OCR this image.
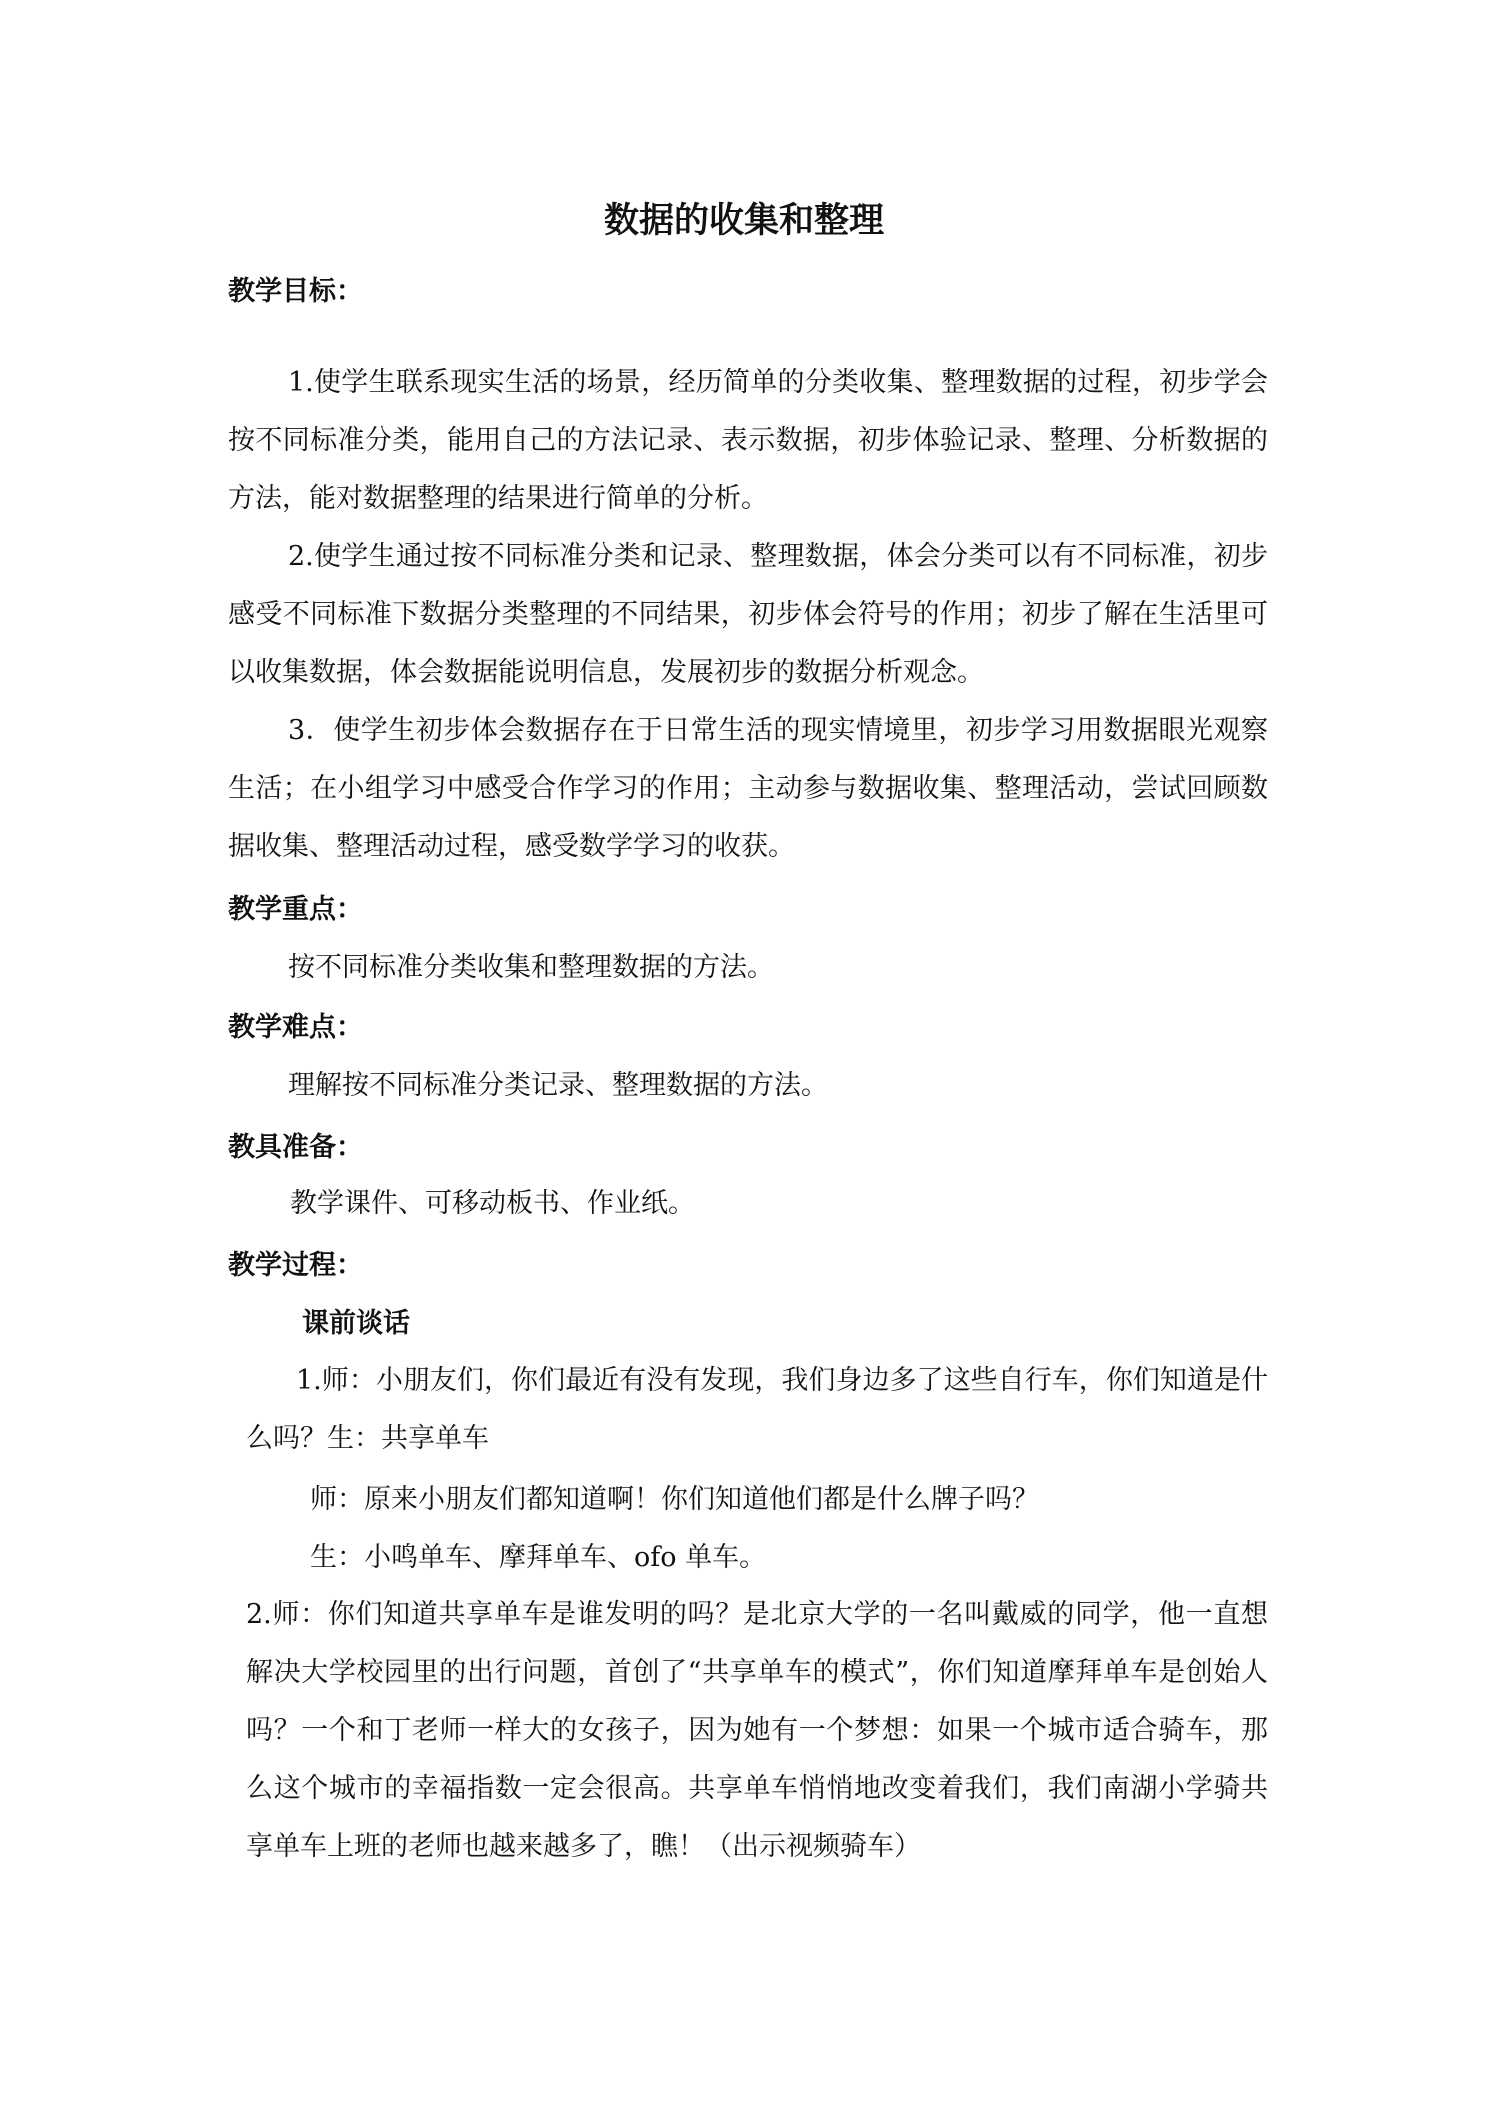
数据的收集和整理
教学目标：

1.使学生联系现实生活的场景，经历简单的分类收集、整理数据的过程，初步学会按不同标准分类，能用自己的方法记录、表示数据，初步体验记录、整理、分析数据的方法，能对数据整理的结果进行简单的分析。

2.使学生通过按不同标准分类和记录、整理数据，体会分类可以有不同标准，初步感受不同标准下数据分类整理的不同结果，初步体会符号的作用；初步了解在生活里可以收集数据，体会数据能说明信息，发展初步的数据分析观念。

3．使学生初步体会数据存在于日常生活的现实情境里，初步学习用数据眼光观察生活；在小组学习中感受合作学习的作用；主动参与数据收集、整理活动，尝试回顾数据收集、整理活动过程，感受数学学习的收获。

教学重点：
按不同标准分类收集和整理数据的方法。
教学难点：
理解按不同标准分类记录、整理数据的方法。
教具准备：
教学课件、可移动板书、作业纸。
教学过程：
课前谈话

1.师：小朋友们，你们最近有没有发现，我们身边多了这些自行车，你们知道是什么吗？生：共享单车

师：原来小朋友们都知道啊！你们知道他们都是什么牌子吗？
生：小鸣单车、摩拜单车、ofo 单车。

2.师：你们知道共享单车是谁发明的吗？是北京大学的一名叫戴威的同学，他一直想解决大学校园里的出行问题，首创了“共享单车的模式”，你们知道摩拜单车是创始人吗？一个和丁老师一样大的女孩子，因为她有一个梦想：如果一个城市适合骑车，那么这个城市的幸福指数一定会很高。共享单车悄悄地改变着我们，我们南湖小学骑共享单车上班的老师也越来越多了，瞧！（出示视频骑车）
